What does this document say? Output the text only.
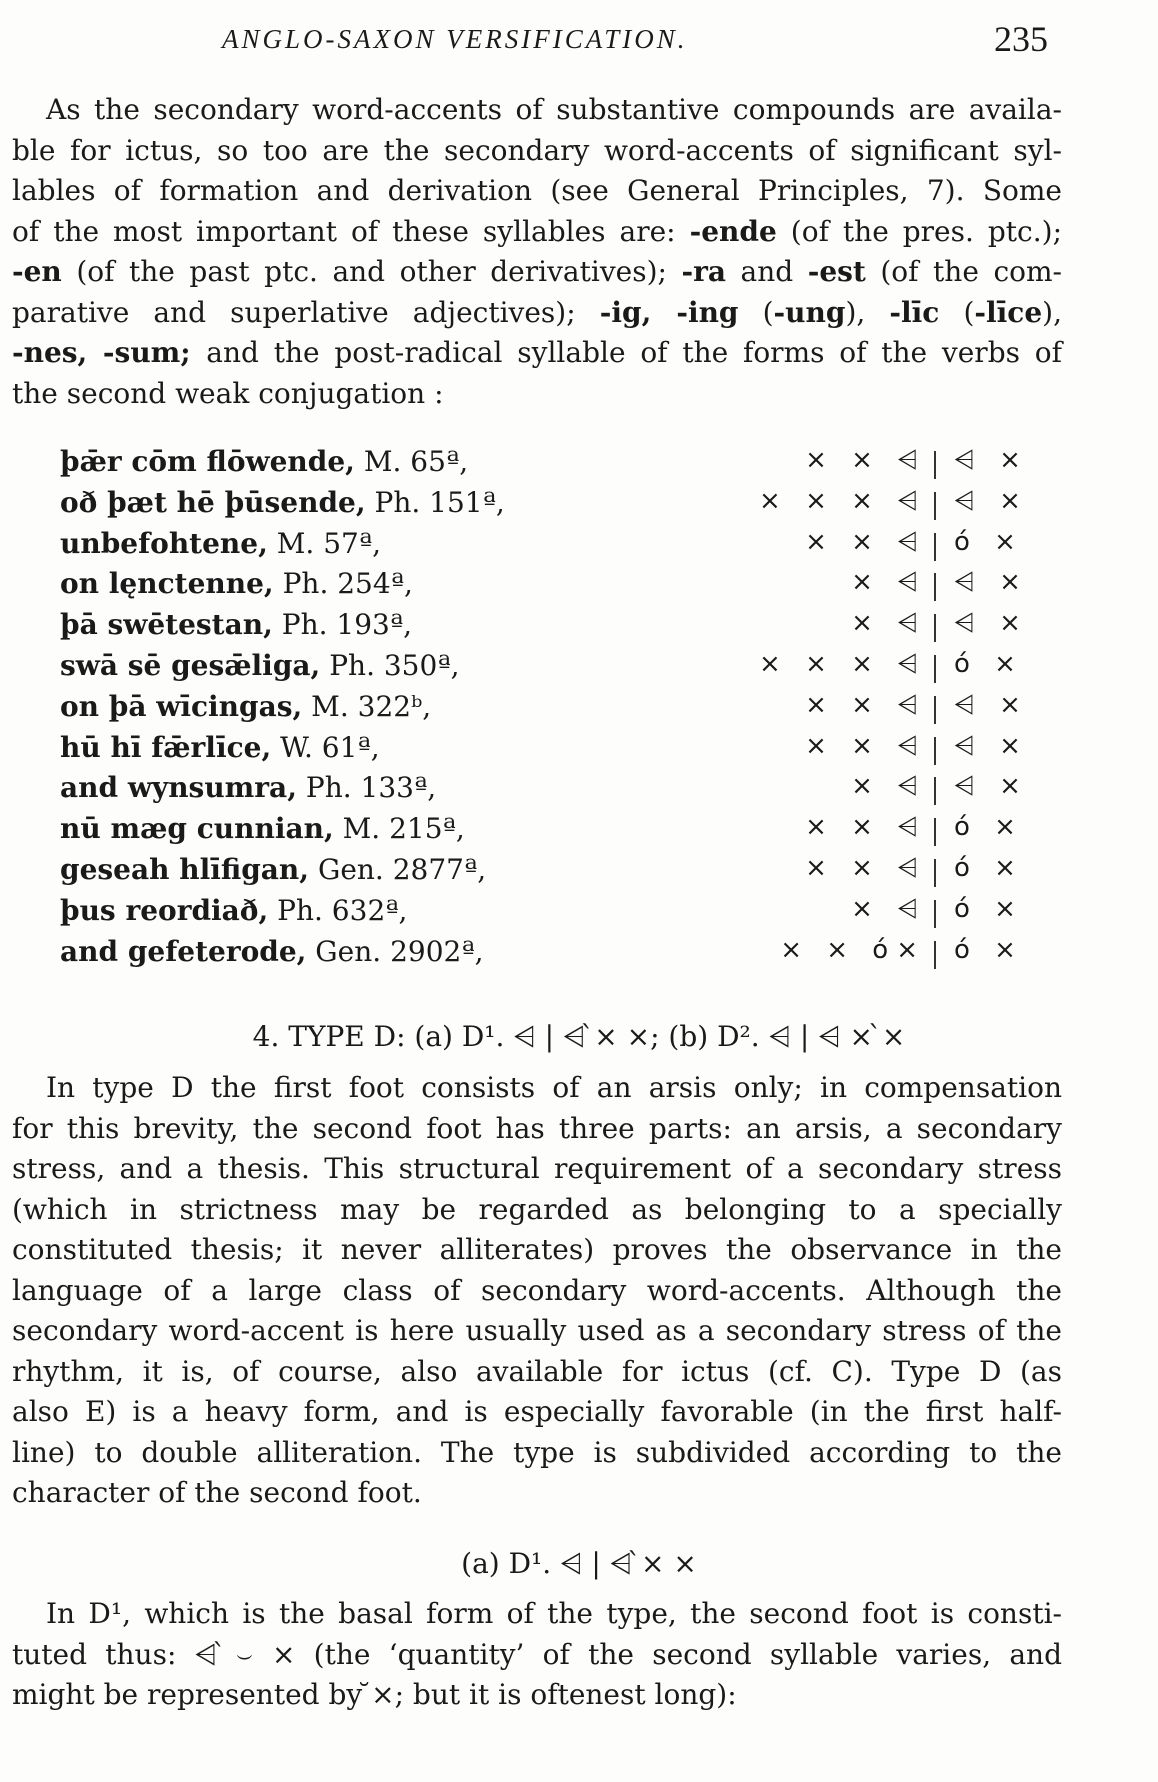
ANGLO-SAXON VERSIFICATION.	235
As the secondary word-accents of substantive compounds are availa-
ble for ictus, so too are the secondary word-accents of significant syl-
lables of formation and derivation (see General Principles, 7). Some
of the most important of these syllables are: -ende (of the pres. ptc.);
-en (of the past ptc. and other derivatives); -ra and -est (of the com-
parative and superlative adjectives); -ig, -ing (-ung), -līc (-līce),
-nes, -sum; and the post-radical syllable of the forms of the verbs of
the second weak conjugation :
þǣr cōm flōwende, M. 65ª,	× × ⩤ ⩤ ×
oð þæt hē þūsende, Ph. 151ª,	× × × ⩤ ⩤ ×
unbefohtene, M. 57ª,	× × ⩤ ó ×
on lęnctenne, Ph. 254ª,	× ⩤ ⩤ ×
þā swētestan, Ph. 193ª,	× ⩤ ⩤ ×
swā sē gesǣliga, Ph. 350ª,	× × × ⩤ ó ×
on þā wīcingas, M. 322ᵇ,	× × ⩤ ⩤ ×
hū hī fǣrlīce, W. 61ª,	× × ⩤ ⩤ ×
and wynsumra, Ph. 133ª,	× ⩤ ⩤ ×
nū mæg cunnian, M. 215ª,	× × ⩤ ó ×
geseah hlīfigan, Gen. 2877ª,	× × ⩤ ó ×
þus reordiað, Ph. 632ª,	× ⩤ ó ×
and gefeterode, Gen. 2902ª,	× × ó× ó ×
4. TYPE D: (a) D¹. ⩤ | ⩤ ̀× ×; (b) D². ⩤ | ⩤ × ̀×
In type D the first foot consists of an arsis only; in compensation
for this brevity, the second foot has three parts: an arsis, a secondary
stress, and a thesis. This structural requirement of a secondary stress
(which in strictness may be regarded as belonging to a specially
constituted thesis; it never alliterates) proves the observance in the
language of a large class of secondary word-accents. Although the
secondary word-accent is here usually used as a secondary stress of the
rhythm, it is, of course, also available for ictus (cf. C). Type D (as
also E) is a heavy form, and is especially favorable (in the first half-
line) to double alliteration. The type is subdivided according to the
character of the second foot.
(a) D¹. ⩤ | ⩤ ̀× ×
In D¹, which is the basal form of the type, the second foot is consti-
tuted thus: ⩤ ̀⌣ × (the ‘quantity’ of the second syllable varies, and
might be represented by ̆×; but it is oftenest long):
